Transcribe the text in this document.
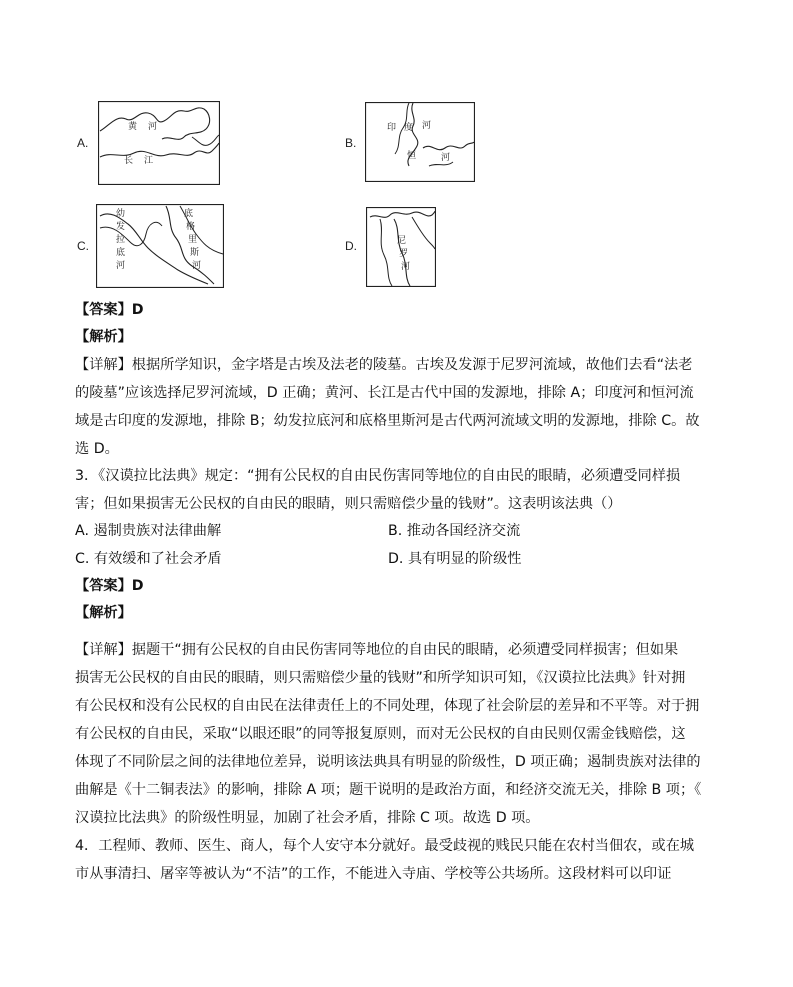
A.
黄 河
长 江
B.
印 度 河
恒	河
C.
幼
发
拉
底
河
底
格
里
斯
河
D.	尼
罗
河
【答案】D
【解析】
【详解】根据所学知识，金字塔是古埃及法老的陵墓。古埃及发源于尼罗河流域，故他们去看“法老
的陵墓”应该选择尼罗河流域，D 正确；黄河、长江是古代中国的发源地，排除 A；印度河和恒河流
域是古印度的发源地，排除 B；幼发拉底河和底格里斯河是古代两河流域文明的发源地，排除 C。故
选 D。
3．《汉谟拉比法典》规定：“拥有公民权的自由民伤害同等地位的自由民的眼睛，必须遭受同样损
害；但如果损害无公民权的自由民的眼睛，则只需赔偿少量的钱财”。这表明该法典（）
A. 遏制贵族对法律曲解	B. 推动各国经济交流
C. 有效缓和了社会矛盾	D. 具有明显的阶级性
【答案】D
【解析】
【详解】据题干“拥有公民权的自由民伤害同等地位的自由民的眼睛，必须遭受同样损害；但如果
损害无公民权的自由民的眼睛，则只需赔偿少量的钱财”和所学知识可知，《汉谟拉比法典》针对拥
有公民权和没有公民权的自由民在法律责任上的不同处理，体现了社会阶层的差异和不平等。对于拥
有公民权的自由民，采取“以眼还眼”的同等报复原则，而对无公民权的自由民则仅需金钱赔偿，这
体现了不同阶层之间的法律地位差异，说明该法典具有明显的阶级性，D 项正确；遏制贵族对法律的
曲解是《十二铜表法》的影响，排除 A 项；题干说明的是政治方面，和经济交流无关，排除 B 项；《
汉谟拉比法典》的阶级性明显，加剧了社会矛盾，排除 C 项。故选 D 项。
4．工程师、教师、医生、商人，每个人安守本分就好。最受歧视的贱民只能在农村当佃农，或在城
市从事清扫、屠宰等被认为“不洁”的工作，不能进入寺庙、学校等公共场所。这段材料可以印证
